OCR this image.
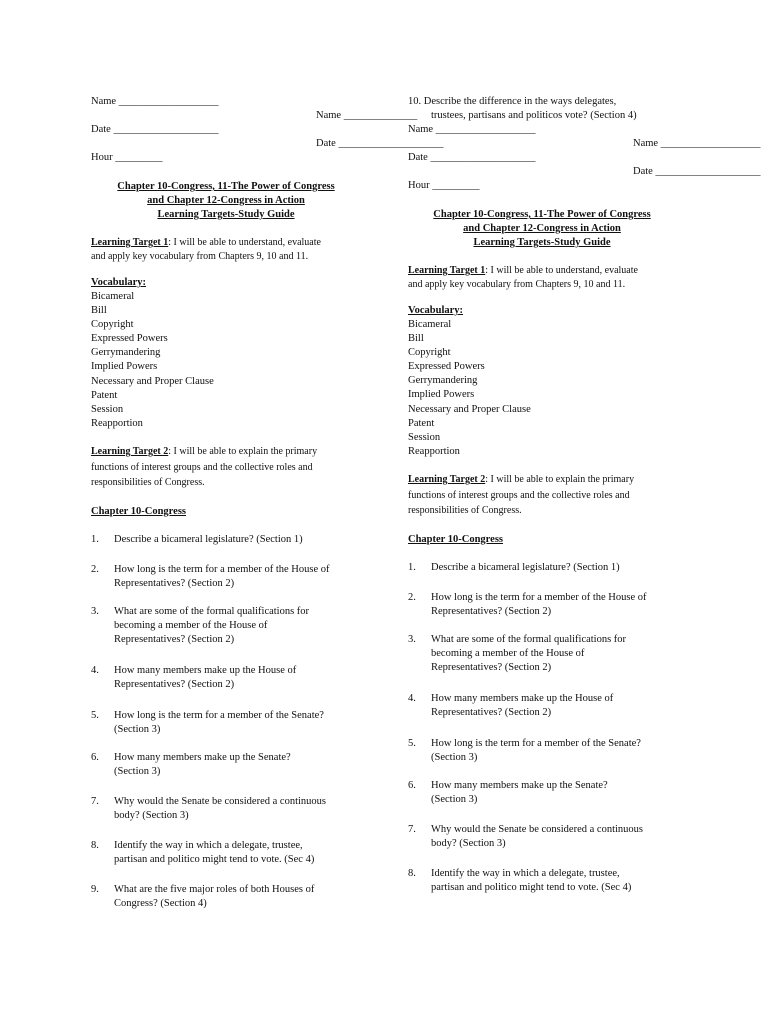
Name ___________________
Date ____________________
Hour _________
Chapter 10-Congress, 11-The Power of Congress
and Chapter 12-Congress in Action
Learning Targets-Study Guide
Learning Target 1: I will be able to understand, evaluate
and apply key vocabulary from Chapters 9, 10 and 11.
Vocabulary:
Bicameral
Bill
Copyright
Expressed Powers
Gerrymandering
Implied Powers
Necessary and Proper Clause
Patent
Session
Reapportion
Learning Target 2: I will be able to explain the primary
functions of interest groups and the collective roles and
responsibilities of Congress.
Chapter 10-Congress
1.	Describe a bicameral legislature? (Section 1)
2.	How long is the term for a member of the House of
Representatives? (Section 2)
3.	What are some of the formal qualifications for
becoming a member of the House of
Representatives? (Section 2)
4.	How many members make up the House of
Representatives? (Section 2)
5.	How long is the term for a member of the Senate?
(Section 3)
6.	How many members make up the Senate?
(Section 3)
7.	Why would the Senate be considered a continuous
body? (Section 3)
8.	Identify the way in which a delegate, trustee,
partisan and politico might tend to vote. (Sec 4)
9.	What are the five major roles of both Houses of
Congress? (Section 4)
10. Describe the difference in the ways delegates,
Name ______________ trustees, partisans and politicos vote? (Section 4)
Name ___________________
Date ____________________	Name ___________________
Date ____________________
Date ____________________
Hour _________
Chapter 10-Congress, 11-The Power of Congress
and Chapter 12-Congress in Action
Learning Targets-Study Guide
Learning Target 1: I will be able to understand, evaluate
and apply key vocabulary from Chapters 9, 10 and 11.
Vocabulary:
Bicameral
Bill
Copyright
Expressed Powers
Gerrymandering
Implied Powers
Necessary and Proper Clause
Patent
Session
Reapportion
Learning Target 2: I will be able to explain the primary
functions of interest groups and the collective roles and
responsibilities of Congress.
Chapter 10-Congress
1.	Describe a bicameral legislature? (Section 1)
2.	How long is the term for a member of the House of
Representatives? (Section 2)
3.	What are some of the formal qualifications for
becoming a member of the House of
Representatives? (Section 2)
4.	How many members make up the House of
Representatives? (Section 2)
5.	How long is the term for a member of the Senate?
(Section 3)
6.	How many members make up the Senate?
(Section 3)
7.	Why would the Senate be considered a continuous
body? (Section 3)
8.	Identify the way in which a delegate, trustee,
partisan and politico might tend to vote. (Sec 4)
